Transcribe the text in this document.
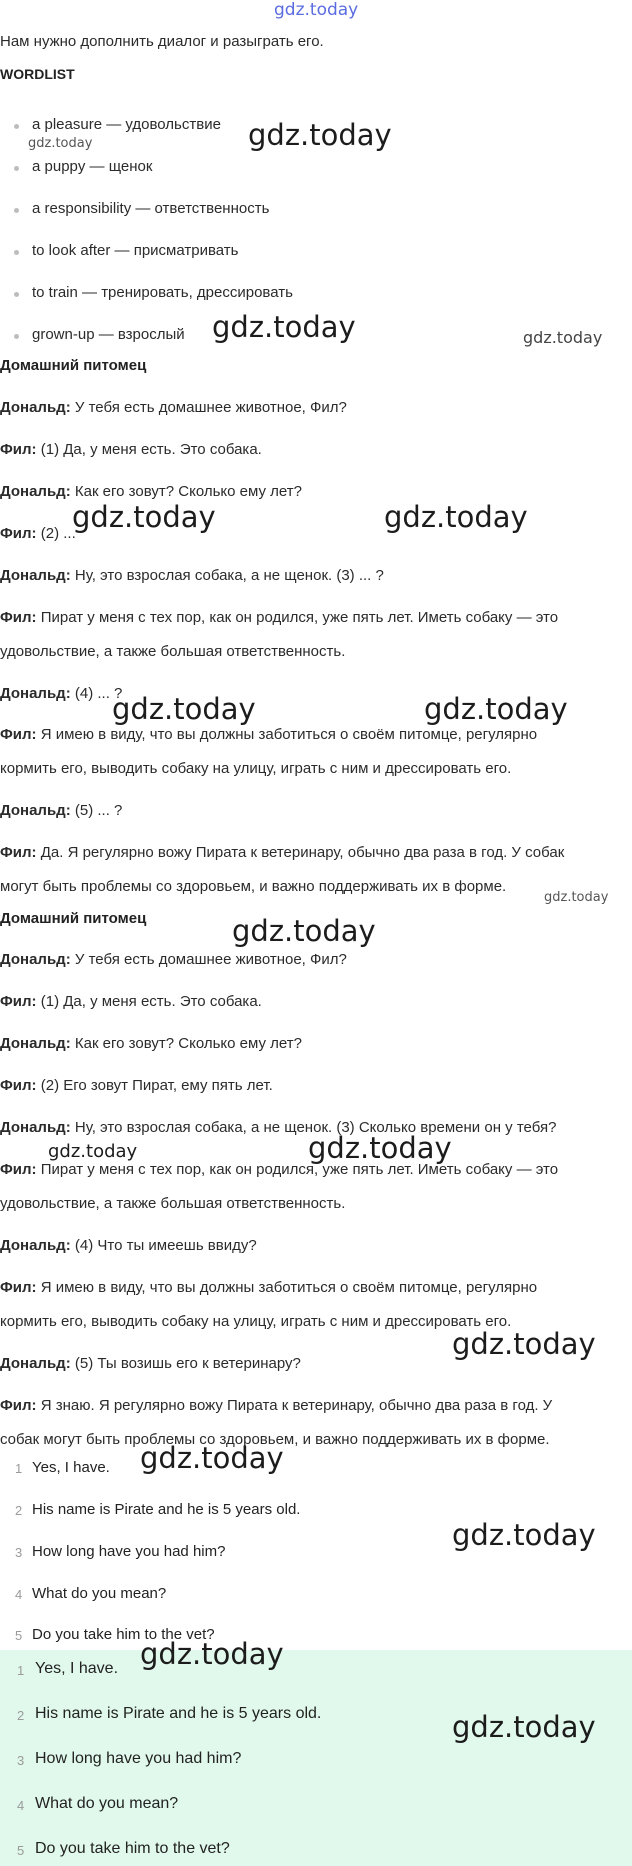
gdz.today
Нам нужно дополнить диалог и разыграть его.
WORDLIST
a pleasure — удовольствие
a puppy — щенок
a responsibility — ответственность
to look after — присматривать
to train — тренировать, дрессировать
grown-up — взрослый
Домашний питомец
Дональд: У тебя есть домашнее животное, Фил?
Фил: (1) Да, у меня есть. Это собака.
Дональд: Как его зовут? Сколько ему лет?
Фил: (2) ...
Дональд: Ну, это взрослая собака, а не щенок. (3) ... ?
Фил: Пират у меня с тех пор, как он родился, уже пять лет. Иметь собаку — это
удовольствие, а также большая ответственность.
Дональд: (4) ... ?
Фил: Я имею в виду, что вы должны заботиться о своём питомце, регулярно
кормить его, выводить собаку на улицу, играть с ним и дрессировать его.
Дональд: (5) ... ?
Фил: Да. Я регулярно вожу Пирата к ветеринару, обычно два раза в год. У собак
могут быть проблемы со здоровьем, и важно поддерживать их в форме.
Домашний питомец
Дональд: У тебя есть домашнее животное, Фил?
Фил: (1) Да, у меня есть. Это собака.
Дональд: Как его зовут? Сколько ему лет?
Фил: (2) Его зовут Пират, ему пять лет.
Дональд: Ну, это взрослая собака, а не щенок. (3) Сколько времени он у тебя?
Фил: Пират у меня с тех пор, как он родился, уже пять лет. Иметь собаку — это
удовольствие, а также большая ответственность.
Дональд: (4) Что ты имеешь ввиду?
Фил: Я имею в виду, что вы должны заботиться о своём питомце, регулярно
кормить его, выводить собаку на улицу, играть с ним и дрессировать его.
Дональд: (5) Ты возишь его к ветеринару?
Фил: Я знаю. Я регулярно вожу Пирата к ветеринару, обычно два раза в год. У
собак могут быть проблемы со здоровьем, и важно поддерживать их в форме.
1 Yes, I have.
2 His name is Pirate and he is 5 years old.
3 How long have you had him?
4 What do you mean?
5 Do you take him to the vet?
1 Yes, I have.
2 His name is Pirate and he is 5 years old.
3 How long have you had him?
4 What do you mean?
5 Do you take him to the vet?
gdz.today	gdz.today
gdz.today	gdz.today
gdz.today	gdz.today
gdz.today	gdz.today
gdz.today
gdz.today
gdz.today	gdz.today
gdz.today
gdz.today
gdz.today
gdz.today
gdz.today
